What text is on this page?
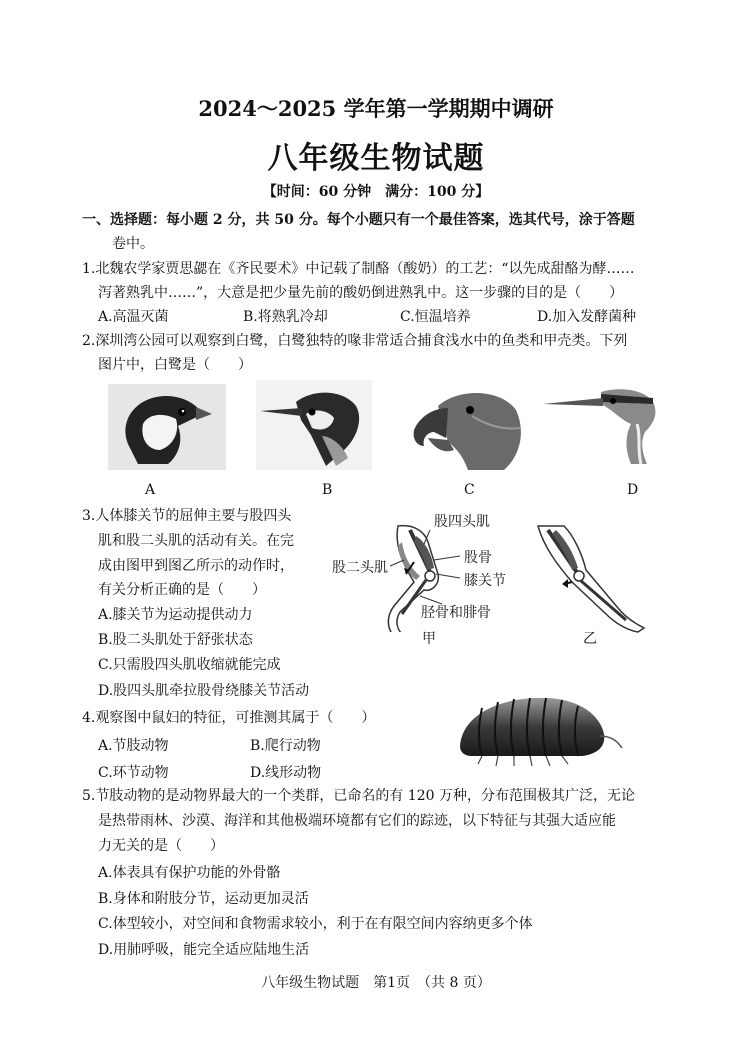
2024～2025 学年第一学期期中调研
八年级生物试题
【时间：60 分钟　满分：100 分】
一、选择题：每小题 2 分，共 50 分。每个小题只有一个最佳答案，选其代号，涂于答题
卷中。
1.北魏农学家贾思勰在《齐民要术》中记载了制酪（酸奶）的工艺：“以先成甜酪为酵……
泻著熟乳中……”，大意是把少量先前的酸奶倒进熟乳中。这一步骤的目的是（　　）
A.高温灭菌	B.将熟乳冷却	C.恒温培养	D.加入发酵菌种
2.深圳湾公园可以观察到白鹭，白鹭独特的喙非常适合捕食浅水中的鱼类和甲壳类。下列
图片中，白鹭是（　　）
A	B	C	D
3.人体膝关节的屈伸主要与股四头
肌和股二头肌的活动有关。在完
成由图甲到图乙所示的动作时，
有关分析正确的是（　　）
A.膝关节为运动提供动力
B.股二头肌处于舒张状态
C.只需股四头肌收缩就能完成
D.股四头肌牵拉股骨绕膝关节活动
股四头肌
股二头肌
股骨
膝关节
胫骨和腓骨
甲	乙
4.观察图中鼠妇的特征，可推测其属于（　　）
A.节肢动物	B.爬行动物
C.环节动物	D.线形动物
5.节肢动物的是动物界最大的一个类群，已命名的有 120 万种，分布范围极其广泛，无论
是热带雨林、沙漠、海洋和其他极端环境都有它们的踪迹，以下特征与其强大适应能
力无关的是（　　）
A.体表具有保护功能的外骨骼
B.身体和附肢分节，运动更加灵活
C.体型较小，对空间和食物需求较小，利于在有限空间内容纳更多个体
D.用肺呼吸，能完全适应陆地生活
八年级生物试题　第1页　（共 8 页）
